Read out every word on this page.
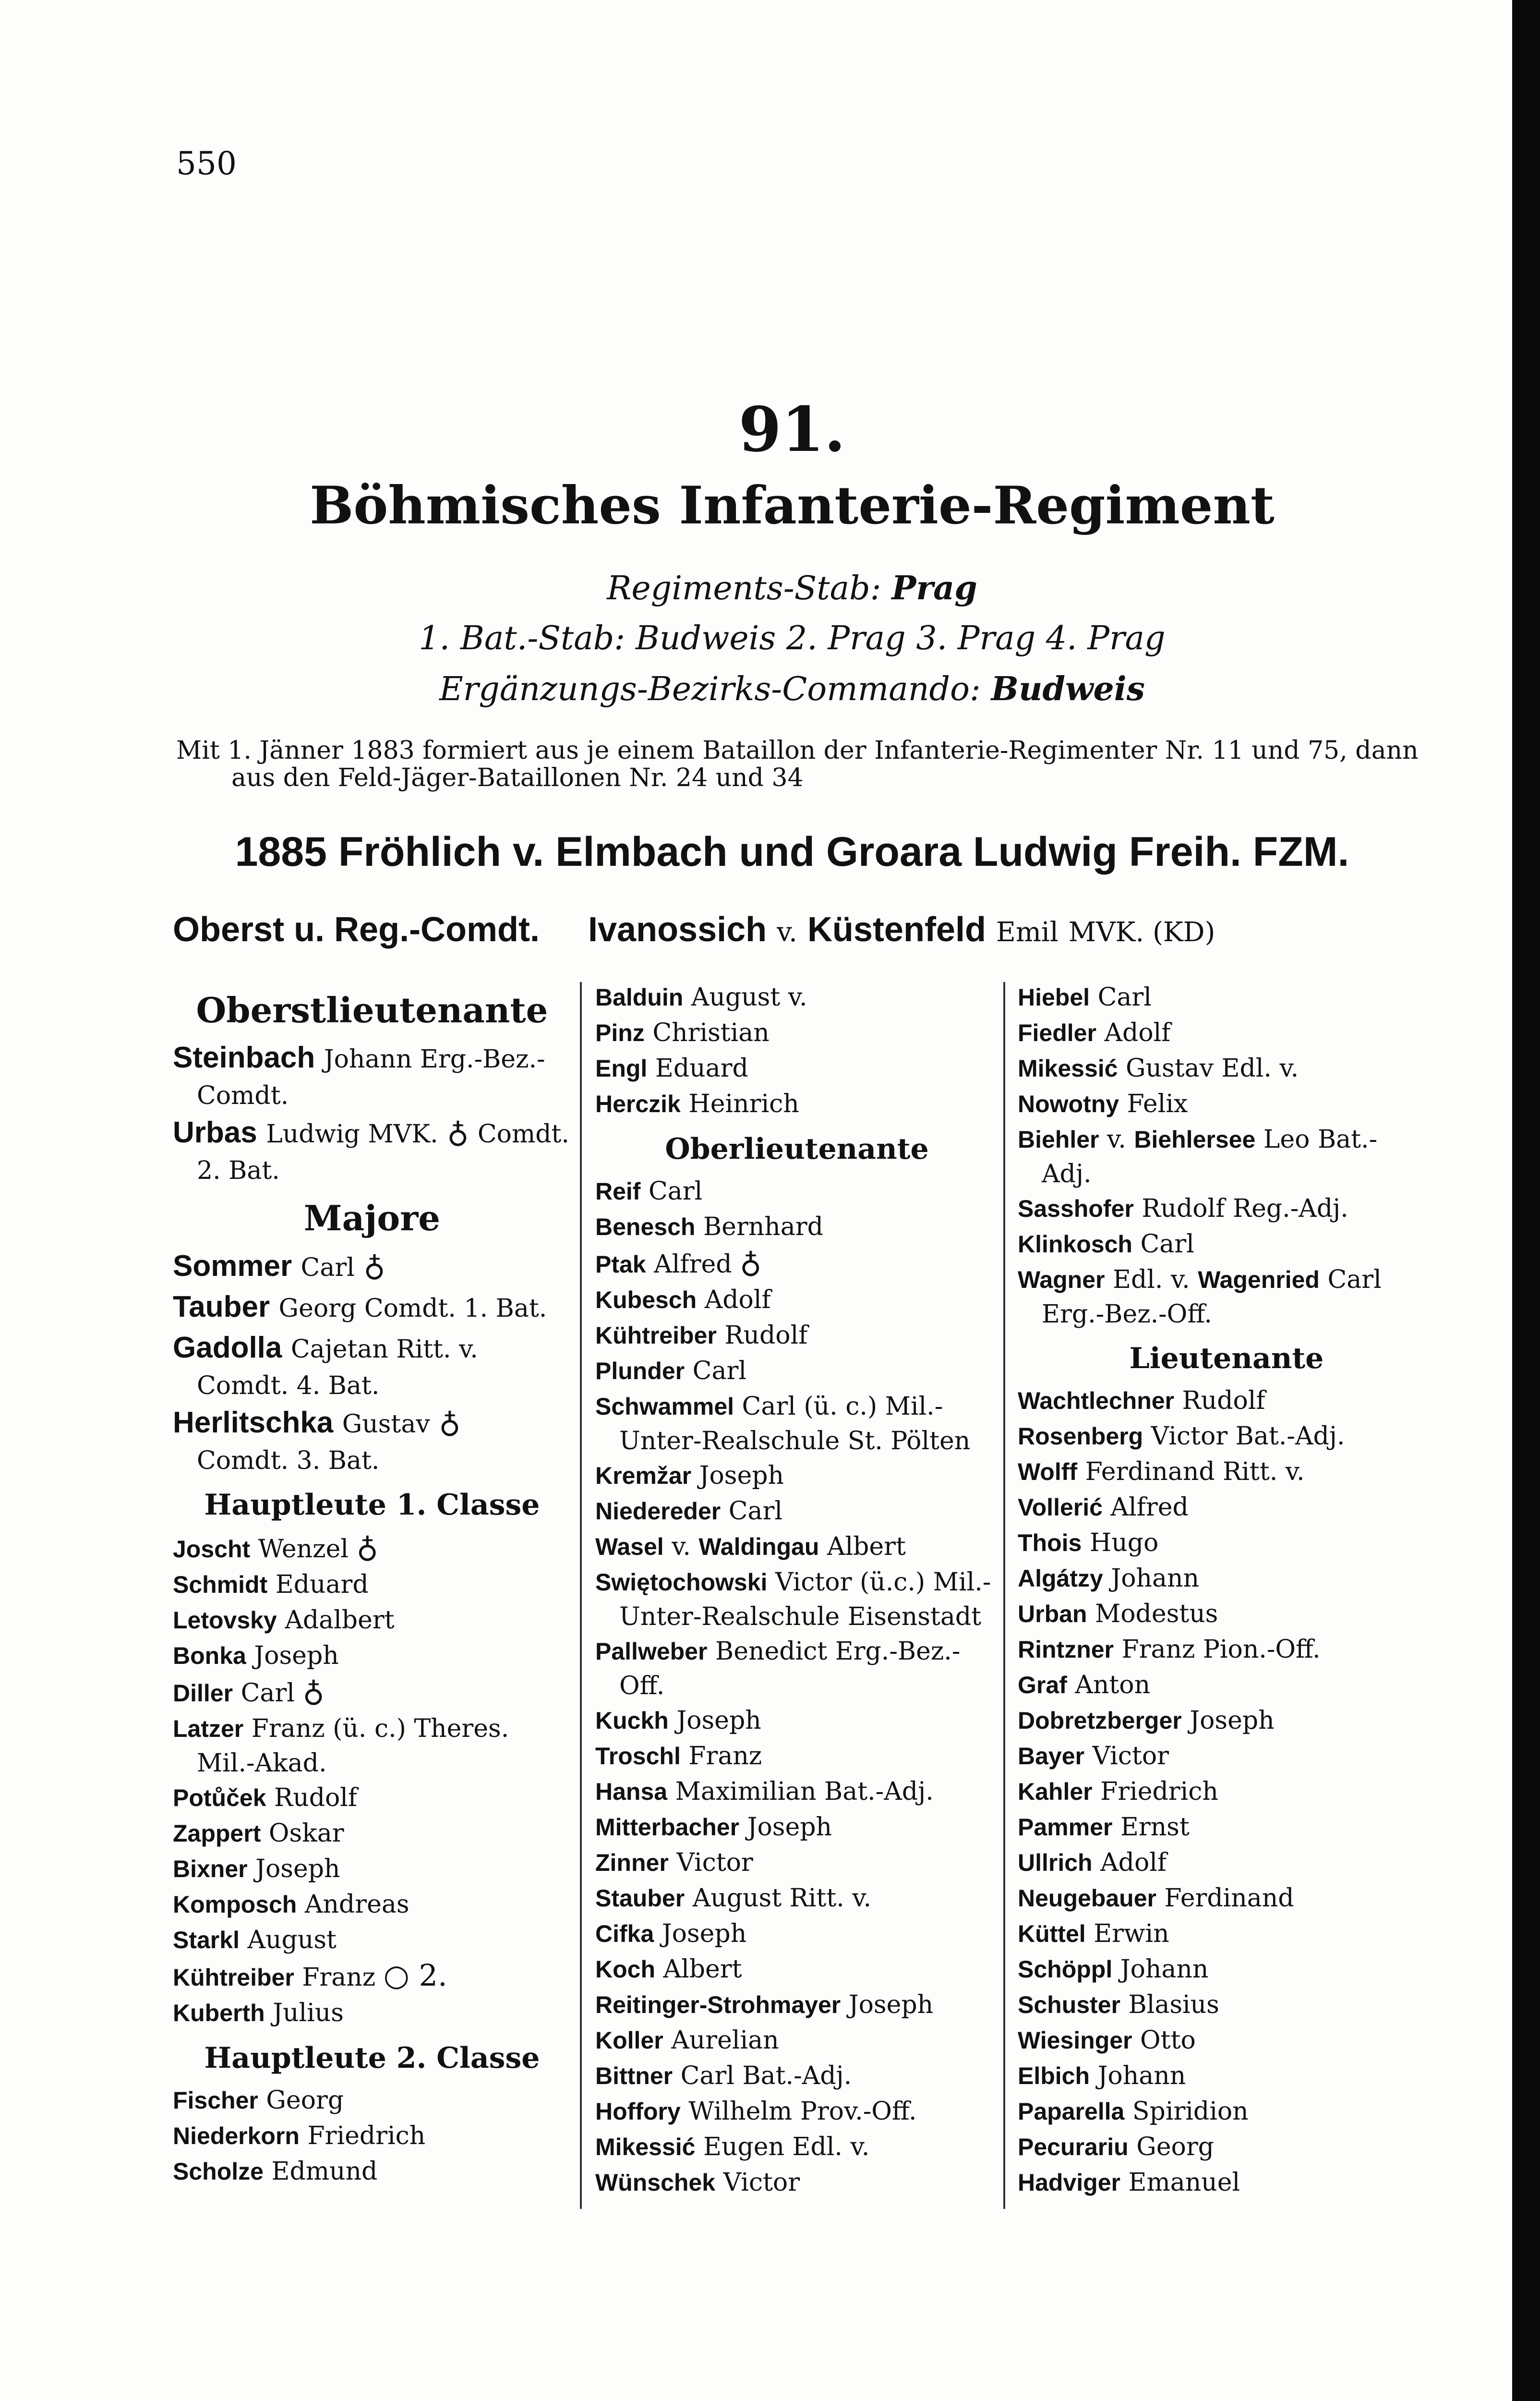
550
91.
Böhmisches Infanterie-Regiment
Regiments-Stab: Prag
1. Bat.-Stab: Budweis 2. Prag 3. Prag 4. Prag
Ergänzungs-Bezirks-Commando: Budweis
Mit 1. Jänner 1883 formiert aus je einem Bataillon der Infanterie-Regimenter Nr. 11 und 75, dann
aus den Feld-Jäger-Bataillonen Nr. 24 und 34
1885 Fröhlich v. Elmbach und Groara Ludwig Freih. FZM.
Oberst u. Reg.-Comdt. Ivanossich v. Küstenfeld Emil MVK. (KD)
Oberstlieutenante
Steinbach Johann Erg.-Bez.-
Comdt.
Urbas Ludwig MVK. ♁ Comdt.
2. Bat.
Majore
Sommer Carl ♁
Tauber Georg Comdt. 1. Bat.
Gadolla Cajetan Ritt. v.
Comdt. 4. Bat.
Herlitschka Gustav ♁
Comdt. 3. Bat.
Hauptleute 1. Classe
Joscht Wenzel ♁
Schmidt Eduard
Letovsky Adalbert
Bonka Joseph
Diller Carl ♁
Latzer Franz (ü. c.) Theres.
Mil.-Akad.
Potůček Rudolf
Zappert Oskar
Bixner Joseph
Komposch Andreas
Starkl August
Kühtreiber Franz ○ 2.
Kuberth Julius
Hauptleute 2. Classe
Fischer Georg
Niederkorn Friedrich
Scholze Edmund
Balduin August v.
Pinz Christian
Engl Eduard
Herczik Heinrich
Oberlieutenante
Reif Carl
Benesch Bernhard
Ptak Alfred ♁
Kubesch Adolf
Kühtreiber Rudolf
Plunder Carl
Schwammel Carl (ü. c.) Mil.-
Unter-Realschule St. Pölten
Kremžar Joseph
Niedereder Carl
Wasel v. Waldingau Albert
Swiętochowski Victor (ü.c.) Mil.-
Unter-Realschule Eisenstadt
Pallweber Benedict Erg.-Bez.-
Off.
Kuckh Joseph
Troschl Franz
Hansa Maximilian Bat.-Adj.
Mitterbacher Joseph
Zinner Victor
Stauber August Ritt. v.
Cifka Joseph
Koch Albert
Reitinger-Strohmayer Joseph
Koller Aurelian
Bittner Carl Bat.-Adj.
Hoffory Wilhelm Prov.-Off.
Mikessić Eugen Edl. v.
Wünschek Victor
Hiebel Carl
Fiedler Adolf
Mikessić Gustav Edl. v.
Nowotny Felix
Biehler v. Biehlersee Leo Bat.-
Adj.
Sasshofer Rudolf Reg.-Adj.
Klinkosch Carl
Wagner Edl. v. Wagenried Carl
Erg.-Bez.-Off.
Lieutenante
Wachtlechner Rudolf
Rosenberg Victor Bat.-Adj.
Wolff Ferdinand Ritt. v.
Vollerić Alfred
Thois Hugo
Algátzy Johann
Urban Modestus
Rintzner Franz Pion.-Off.
Graf Anton
Dobretzberger Joseph
Bayer Victor
Kahler Friedrich
Pammer Ernst
Ullrich Adolf
Neugebauer Ferdinand
Küttel Erwin
Schöppl Johann
Schuster Blasius
Wiesinger Otto
Elbich Johann
Paparella Spiridion
Pecurariu Georg
Hadviger Emanuel
